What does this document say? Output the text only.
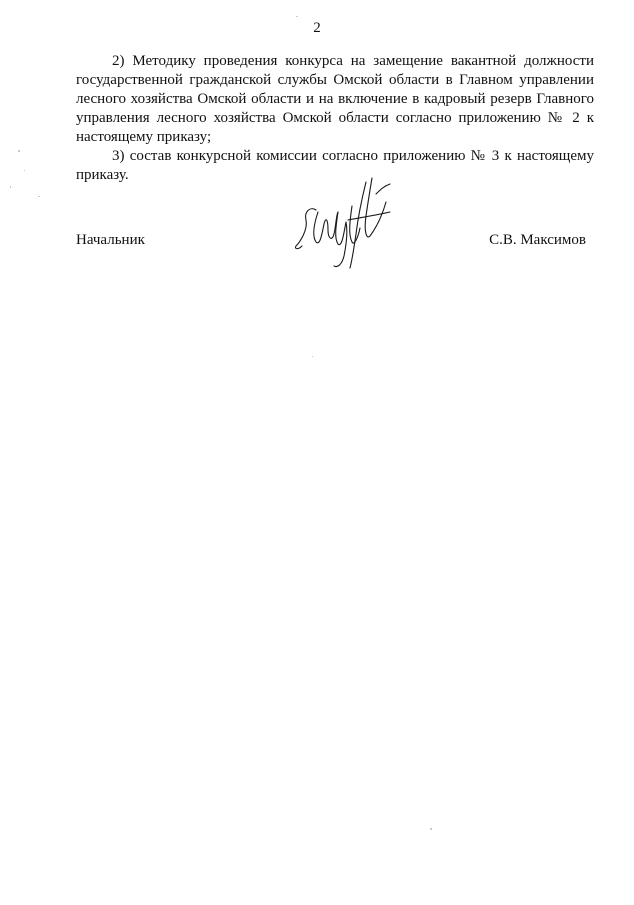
2

2) Методику проведения конкурса на замещение вакантной должности государственной гражданской службы Омской области в Главном управлении лесного хозяйства Омской области и на включение в кадровый резерв Главного управления лесного хозяйства Омской области согласно приложению № 2 к настоящему приказу;

3) состав конкурсной комиссии согласно приложению № 3 к настоящему приказу.

Начальник	С.В. Максимов
